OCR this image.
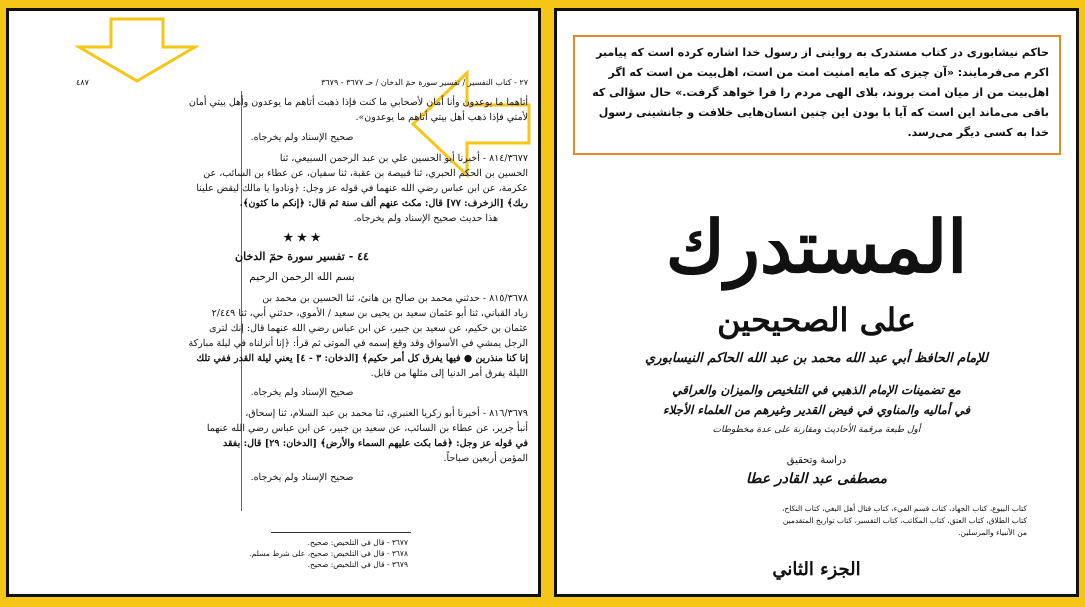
٢٧ - كتاب التفسير / تفسير سورة حمٓ الدخان / حـ ٣٦٧٧ - ٣٦٧٩
٤٨٧
أتاهما ما يوعدون وأنا أمان لأصحابي ما كنت فإذا ذهبت أتاهم ما يوعدون وأهل بيتي أمان
لأمتي فإذا ذهب أهل بيتي أتاهم ما يوعدون».
صحيح الإسناد ولم يخرجاه.
٨١٤/٣٦٧٧ - أخبرنا أبو الحسين علي بن عبد الرحمن السبيعي، ثنا
الحسين بن الحكم الحبري، ثنا قبيصة بن عقبة، ثنا سفيان، عن عطاء بن السائب، عن
عكرمة، عن ابن عباس رضي الله عنهما في قوله عز وجل: ﴿ونادوا يا مالك ليقض علينا
ربك﴾ [الزخرف: ٧٧] قال: مكث عنهم ألف سنة ثم قال: ﴿إنكم ما كثون﴾.
هذا حديث صحيح الإسناد ولم يخرجاه.
★ ★ ★
٤٤ - تفسير سورة حمٓ الدخان
بسم الله الرحمن الرحيم
٨١٥/٣٦٧٨ - حدثني محمد بن صالح بن هانئ، ثنا الحسين بن محمد بن
زياد القباني، ثنا أبو عثمان سعيد بن يحيى بن سعيد / الأموي، حدثني أبي، ثنا ٢/٤٤٩
عثمان بن حكيم، عن سعيد بن جبير، عن ابن عباس رضي الله عنهما قال: إنك لترى
الرجل يمشي في الأسواق وقد وقع إسمه في الموتى ثم قرأ: ﴿إنا أنزلناه في ليلة مباركة
إنا كنا منذرين ● فيها يفرق كل أمر حكيم﴾ [الدخان: ٣ - ٤] يعني ليلة القدر ففي تلك
الليلة يفرق أمر الدنيا إلى مثلها من قابل.
صحيح الإسناد ولم يخرجاه.
٨١٦/٣٦٧٩ - أخبرنا أبو زكريا العنبري، ثنا محمد بن عبد السلام، ثنا إسحاق،
أنبأ جرير، عن عطاء بن السائب، عن سعيد بن جبير، عن ابن عباس رضي الله عنهما
في قوله عز وجل: ﴿فما بكت عليهم السماء والأرض﴾ [الدخان: ٢٩] قال: بفقد
المؤمن أربعين صباحاً.
صحيح الإسناد ولم يخرجاه.
٣٦٧٧ - قال في التلخيص: صحيح.
٣٦٧٨ - قال في التلخيص: صحيح، على شرط مسلم.
٣٦٧٩ - قال في التلخيص: صحيح.
حاکم نیشابوری در کتاب مستدرک به روایتی از رسول خدا اشاره کرده است که پیامبر اکرم می‌فرمایند: «آن چیزی که مایه امنیت امت من است، اهل‌بیت من است که اگر اهل‌بیت من از میان امت بروند، بلای الهی مردم را فرا خواهد گرفت.» حال سؤالی که باقی می‌ماند این است که آیا با بودن این چنین انسان‌هایی خلافت و جانشینی رسول خدا به کسی دیگر می‌رسد.
المستدرك
على الصحيحين
للإمام الحافظ أبي عبد الله محمد بن عبد الله الحاكم النيسابوري
مع تضمينات الإمام الذهبي في التلخيص والميزان والعراقي
في أماليه والمناوي في فيض القدير وغيرهم من العلماء الأجلاء
أول طبعة مرقمة الأحاديث ومقارنة على عدة مخطوطات
دراسة وتحقيق
مصطفى عبد القادر عطا
كتاب البيوع، كتاب الجهاد، كتاب قسم الفيء، كتاب قتال أهل البغي، كتاب النكاح،
كتاب الطلاق، كتاب العتق، كتاب المكاتب، كتاب التفسير، كتاب تواريخ المتقدمين
من الأنبياء والمرسلين.
الجزء الثاني
